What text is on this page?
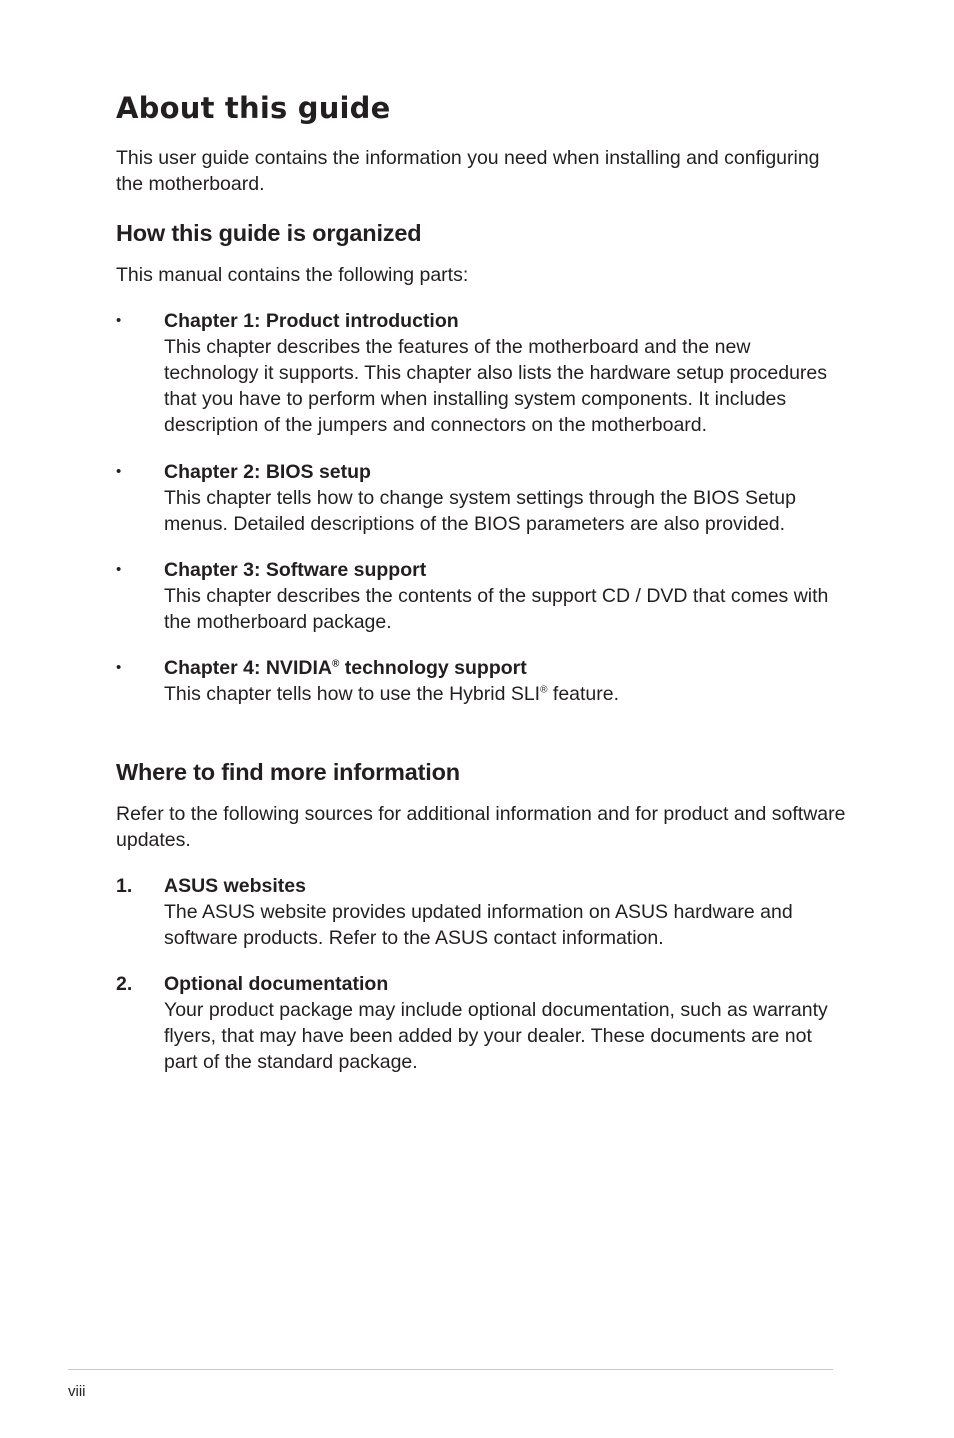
About this guide

This user guide contains the information you need when installing and configuring the motherboard.

How this guide is organized

This manual contains the following parts:

• Chapter 1: Product introduction
This chapter describes the features of the motherboard and the new technology it supports. This chapter also lists the hardware setup procedures that you have to perform when installing system components. It includes description of the jumpers and connectors on the motherboard.
• Chapter 2: BIOS setup
This chapter tells how to change system settings through the BIOS Setup menus. Detailed descriptions of the BIOS parameters are also provided.
• Chapter 3: Software support
This chapter describes the contents of the support CD / DVD that comes with the motherboard package.
• Chapter 4: NVIDIA® technology support
This chapter tells how to use the Hybrid SLI® feature.
Where to find more information

Refer to the following sources for additional information and for product and software updates.

1. ASUS websites
The ASUS website provides updated information on ASUS hardware and software products. Refer to the ASUS contact information.
2. Optional documentation
Your product package may include optional documentation, such as warranty flyers, that may have been added by your dealer. These documents are not part of the standard package.
viii
